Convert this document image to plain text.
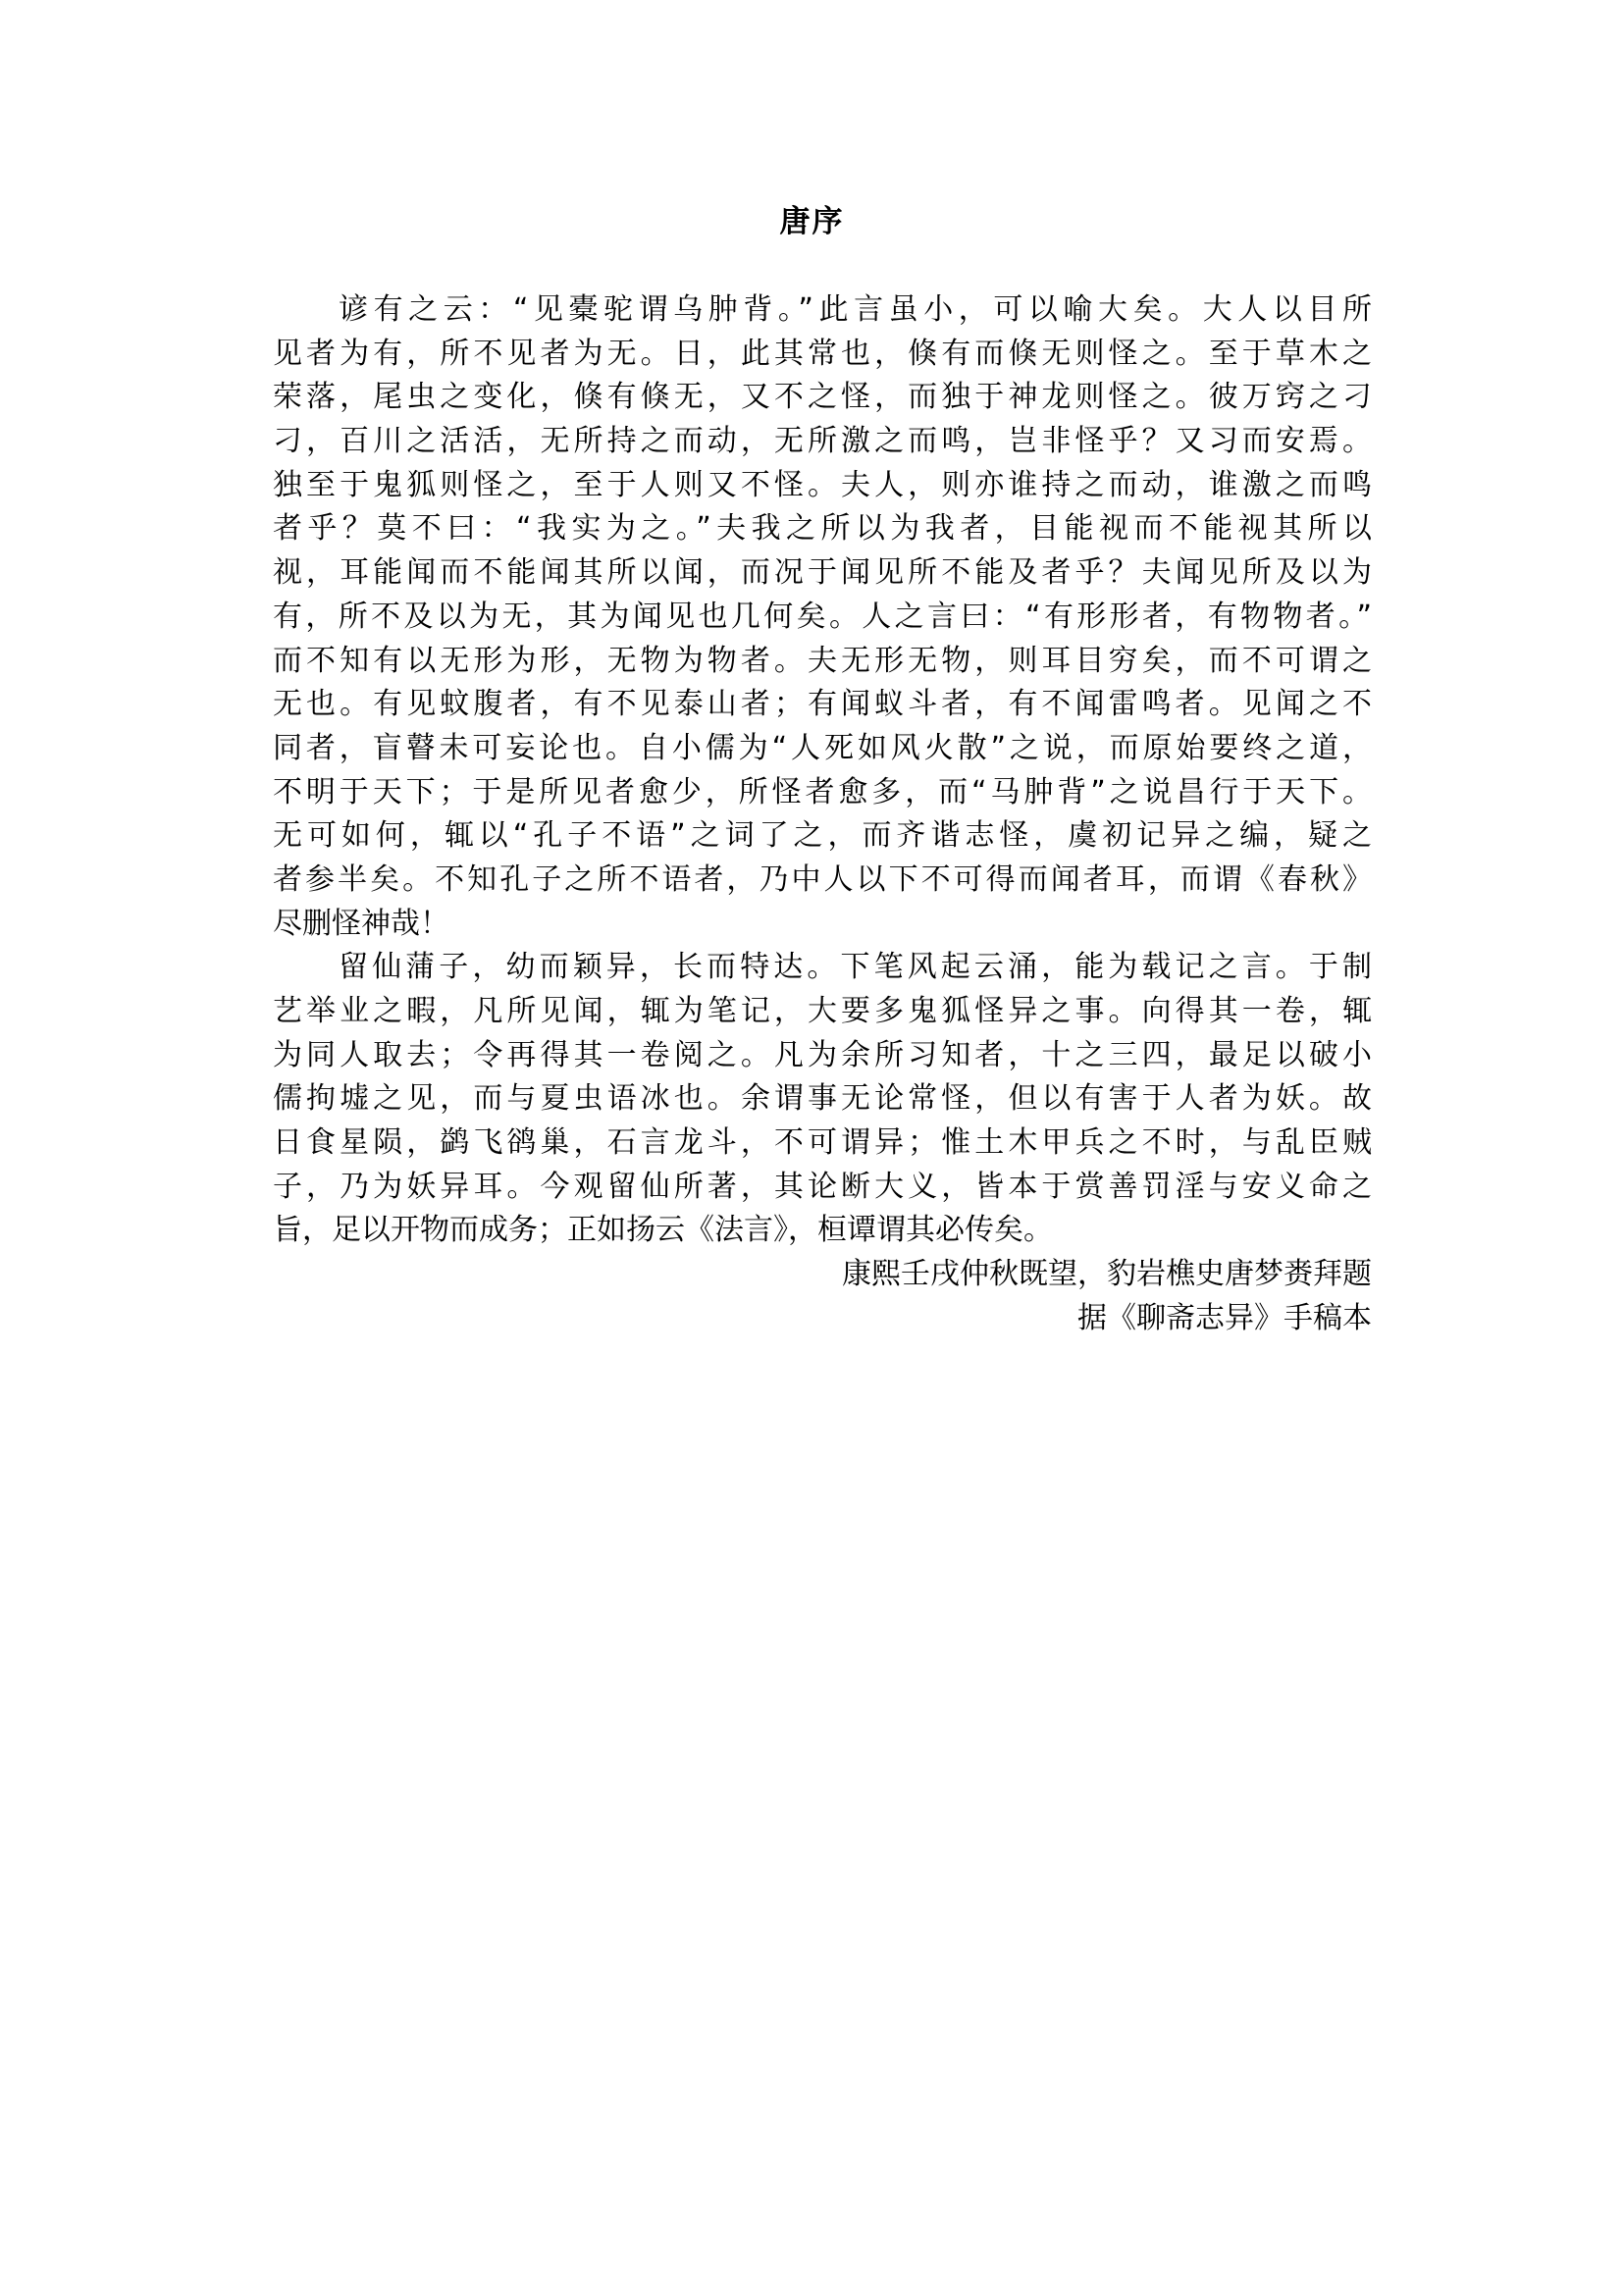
唐序
谚有之云：“见橐驼谓乌肿背。”此言虽小，可以喻大矣。大人以目所
见者为有，所不见者为无。日，此其常也，倏有而倏无则怪之。至于草木之
荣落，尾虫之变化，倏有倏无，又不之怪，而独于神龙则怪之。彼万窍之刁
刁，百川之活活，无所持之而动，无所激之而鸣，岂非怪乎？又习而安焉。
独至于鬼狐则怪之，至于人则又不怪。夫人，则亦谁持之而动，谁激之而鸣
者乎？莫不曰：“我实为之。”夫我之所以为我者，目能视而不能视其所以
视，耳能闻而不能闻其所以闻，而况于闻见所不能及者乎？夫闻见所及以为
有，所不及以为无，其为闻见也几何矣。人之言曰：“有形形者，有物物者。”
而不知有以无形为形，无物为物者。夫无形无物，则耳目穷矣，而不可谓之
无也。有见蚊腹者，有不见泰山者；有闻蚁斗者，有不闻雷鸣者。见闻之不
同者，盲瞽未可妄论也。自小儒为“人死如风火散”之说，而原始要终之道，
不明于天下；于是所见者愈少，所怪者愈多，而“马肿背”之说昌行于天下。
无可如何，辄以“孔子不语”之词了之，而齐谐志怪，虞初记异之编，疑之
者参半矣。不知孔子之所不语者，乃中人以下不可得而闻者耳，而谓《春秋》
尽删怪神哉！
留仙蒲子，幼而颖异，长而特达。下笔风起云涌，能为载记之言。于制
艺举业之暇，凡所见闻，辄为笔记，大要多鬼狐怪异之事。向得其一卷，辄
为同人取去；令再得其一卷阅之。凡为余所习知者，十之三四，最足以破小
儒拘墟之见，而与夏虫语冰也。余谓事无论常怪，但以有害于人者为妖。故
日食星陨，鹢飞鹆巢，石言龙斗，不可谓异；惟土木甲兵之不时，与乱臣贼
子，乃为妖异耳。今观留仙所著，其论断大义，皆本于赏善罚淫与安义命之
旨，足以开物而成务；正如扬云《法言》，桓谭谓其必传矣。
康熙壬戌仲秋既望，豹岩樵史唐梦赉拜题
据《聊斋志异》手稿本
